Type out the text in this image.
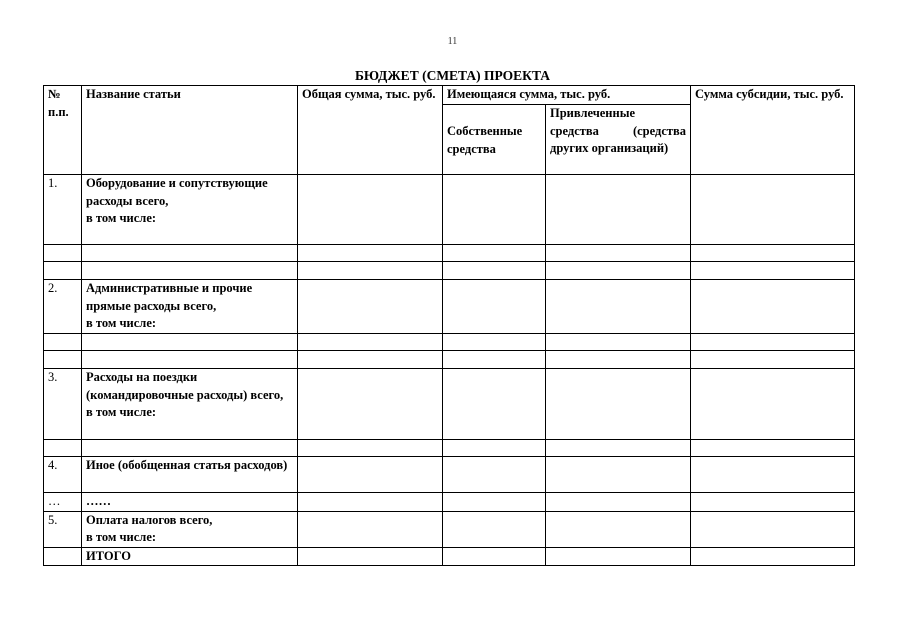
11
БЮДЖЕТ (СМЕТА) ПРОЕКТА
№ п.п.	Название статьи	Общая сумма, тыс. руб.	Имеющаяся сумма, тыс. руб.		Сумма субсидии, тыс. руб.
			Собственные средства	Привлеченные средства (средства других организаций)	
1.	Оборудование и сопутствующие расходы всего,
в том числе:				

2.	Административные и прочие прямые расходы всего,
в том числе:				

3.	Расходы на поездки (командировочные расходы) всего,
в том числе:				

4.	Иное (обобщенная статья расходов)				
…	……				
5.	Оплата налогов всего,
в том числе:				

	ИТОГО				
